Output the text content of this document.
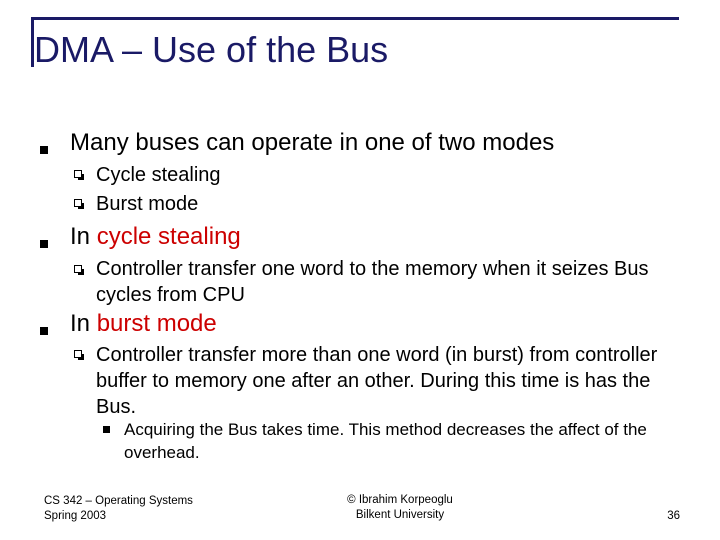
DMA – Use of the Bus
Many buses can operate in one of two modes
Cycle stealing
Burst mode
In cycle stealing
Controller transfer one word to the memory when it seizes Bus cycles from CPU
In burst mode
Controller transfer more than one word (in burst) from controller buffer to memory one after an other. During this time is has the Bus.
Acquiring the Bus takes time. This method decreases the affect of the overhead.
CS 342 – Operating Systems
Spring 2003
© Ibrahim Korpeoglu
Bilkent University	36
